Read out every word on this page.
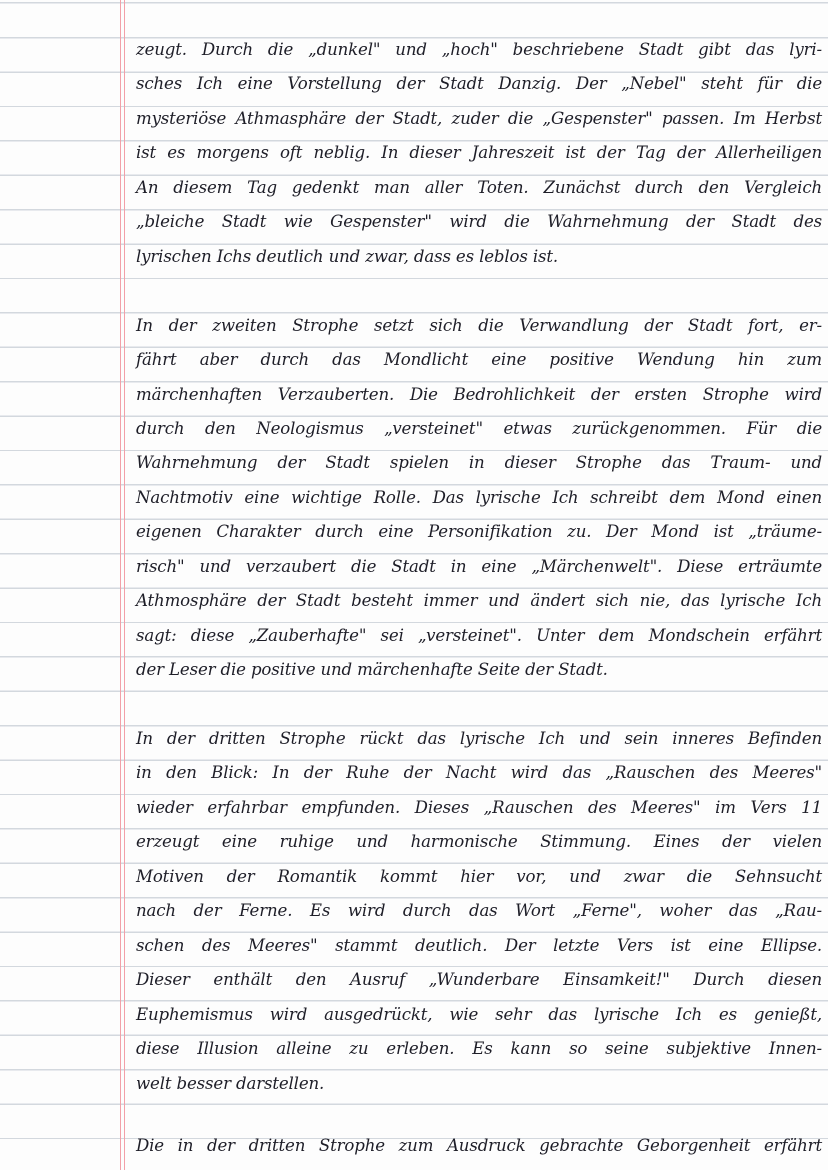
zeugt. Durch die „dunkel" und „hoch" beschriebene Stadt gibt das lyri-
sches Ich eine Vorstellung der Stadt Danzig. Der „Nebel" steht für die
mysteriöse Athmasphäre der Stadt, zuder die „Gespenster" passen. Im Herbst
ist es morgens oft neblig. In dieser Jahreszeit ist der Tag der Allerheiligen
An diesem Tag gedenkt man aller Toten. Zunächst durch den Vergleich
„bleiche Stadt wie Gespenster" wird die Wahrnehmung der Stadt des
lyrischen Ichs deutlich und zwar, dass es leblos ist.
In der zweiten Strophe setzt sich die Verwandlung der Stadt fort, er-
fährt aber durch das Mondlicht eine positive Wendung hin zum
märchenhaften Verzauberten. Die Bedrohlichkeit der ersten Strophe wird
durch den Neologismus „versteinet" etwas zurückgenommen. Für die
Wahrnehmung der Stadt spielen in dieser Strophe das Traum- und
Nachtmotiv eine wichtige Rolle. Das lyrische Ich schreibt dem Mond einen
eigenen Charakter durch eine Personifikation zu. Der Mond ist „träume-
risch" und verzaubert die Stadt in eine „Märchenwelt". Diese erträumte
Athmosphäre der Stadt besteht immer und ändert sich nie, das lyrische Ich
sagt: diese „Zauberhafte" sei „versteinet". Unter dem Mondschein erfährt
der Leser die positive und märchenhafte Seite der Stadt.
In der dritten Strophe rückt das lyrische Ich und sein inneres Befinden
in den Blick: In der Ruhe der Nacht wird das „Rauschen des Meeres"
wieder erfahrbar empfunden. Dieses „Rauschen des Meeres" im Vers 11
erzeugt eine ruhige und harmonische Stimmung. Eines der vielen
Motiven der Romantik kommt hier vor, und zwar die Sehnsucht
nach der Ferne. Es wird durch das Wort „Ferne", woher das „Rau-
schen des Meeres" stammt deutlich. Der letzte Vers ist eine Ellipse.
Dieser enthält den Ausruf „Wunderbare Einsamkeit!" Durch diesen
Euphemismus wird ausgedrückt, wie sehr das lyrische Ich es genießt,
diese Illusion alleine zu erleben. Es kann so seine subjektive Innen-
welt besser darstellen.
Die in der dritten Strophe zum Ausdruck gebrachte Geborgenheit erfährt
